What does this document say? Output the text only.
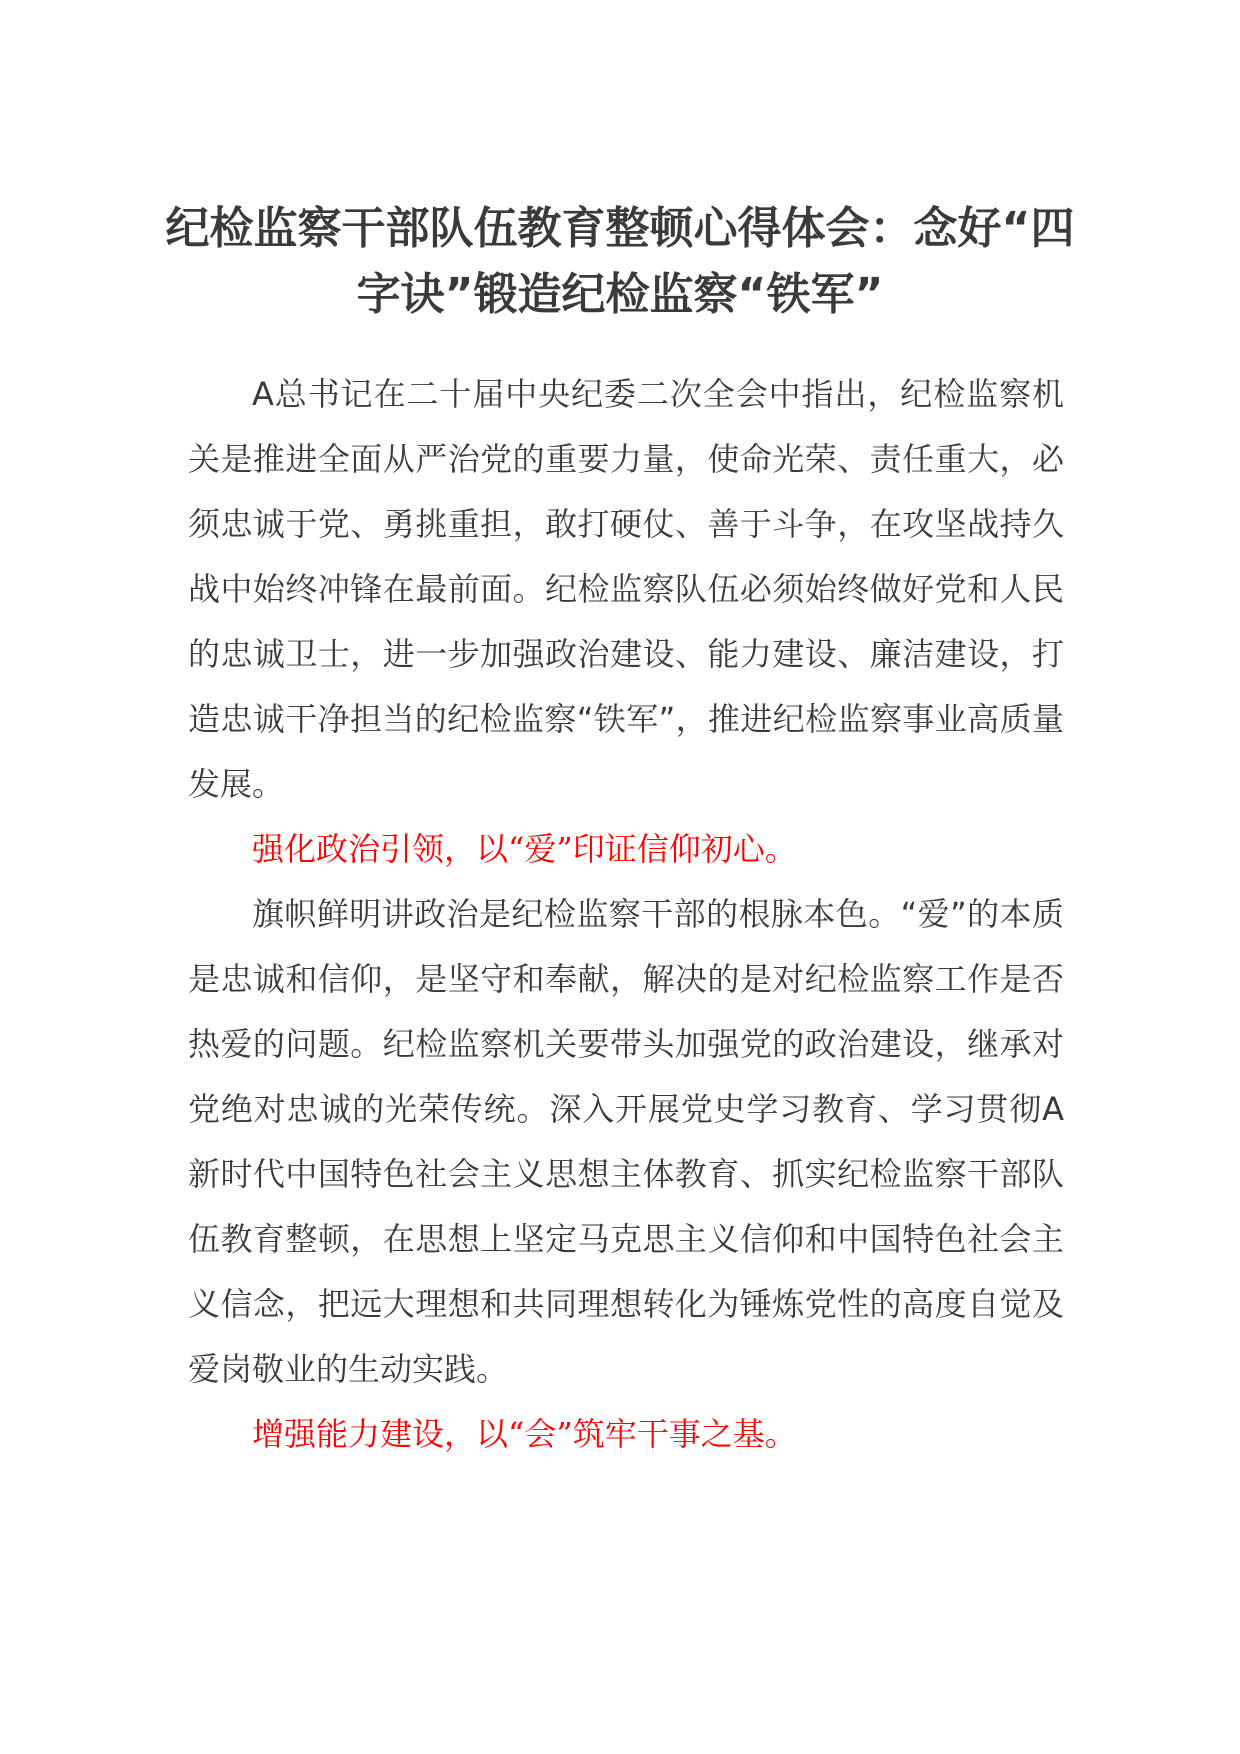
纪检监察干部队伍教育整顿心得体会：念好“四字诀”锻造纪检监察“铁军”

A总书记在二十届中央纪委二次全会中指出，纪检监察机关是推进全面从严治党的重要力量，使命光荣、责任重大，必须忠诚于党、勇挑重担，敢打硬仗、善于斗争，在攻坚战持久战中始终冲锋在最前面。纪检监察队伍必须始终做好党和人民的忠诚卫士，进一步加强政治建设、能力建设、廉洁建设，打造忠诚干净担当的纪检监察“铁军”，推进纪检监察事业高质量发展。

强化政治引领，以“爱”印证信仰初心。

旗帜鲜明讲政治是纪检监察干部的根脉本色。“爱”的本质是忠诚和信仰，是坚守和奉献，解决的是对纪检监察工作是否热爱的问题。纪检监察机关要带头加强党的政治建设，继承对党绝对忠诚的光荣传统。深入开展党史学习教育、学习贯彻A新时代中国特色社会主义思想主体教育、抓实纪检监察干部队伍教育整顿，在思想上坚定马克思主义信仰和中国特色社会主义信念，把远大理想和共同理想转化为锤炼党性的高度自觉及爱岗敬业的生动实践。

增强能力建设，以“会”筑牢干事之基。
